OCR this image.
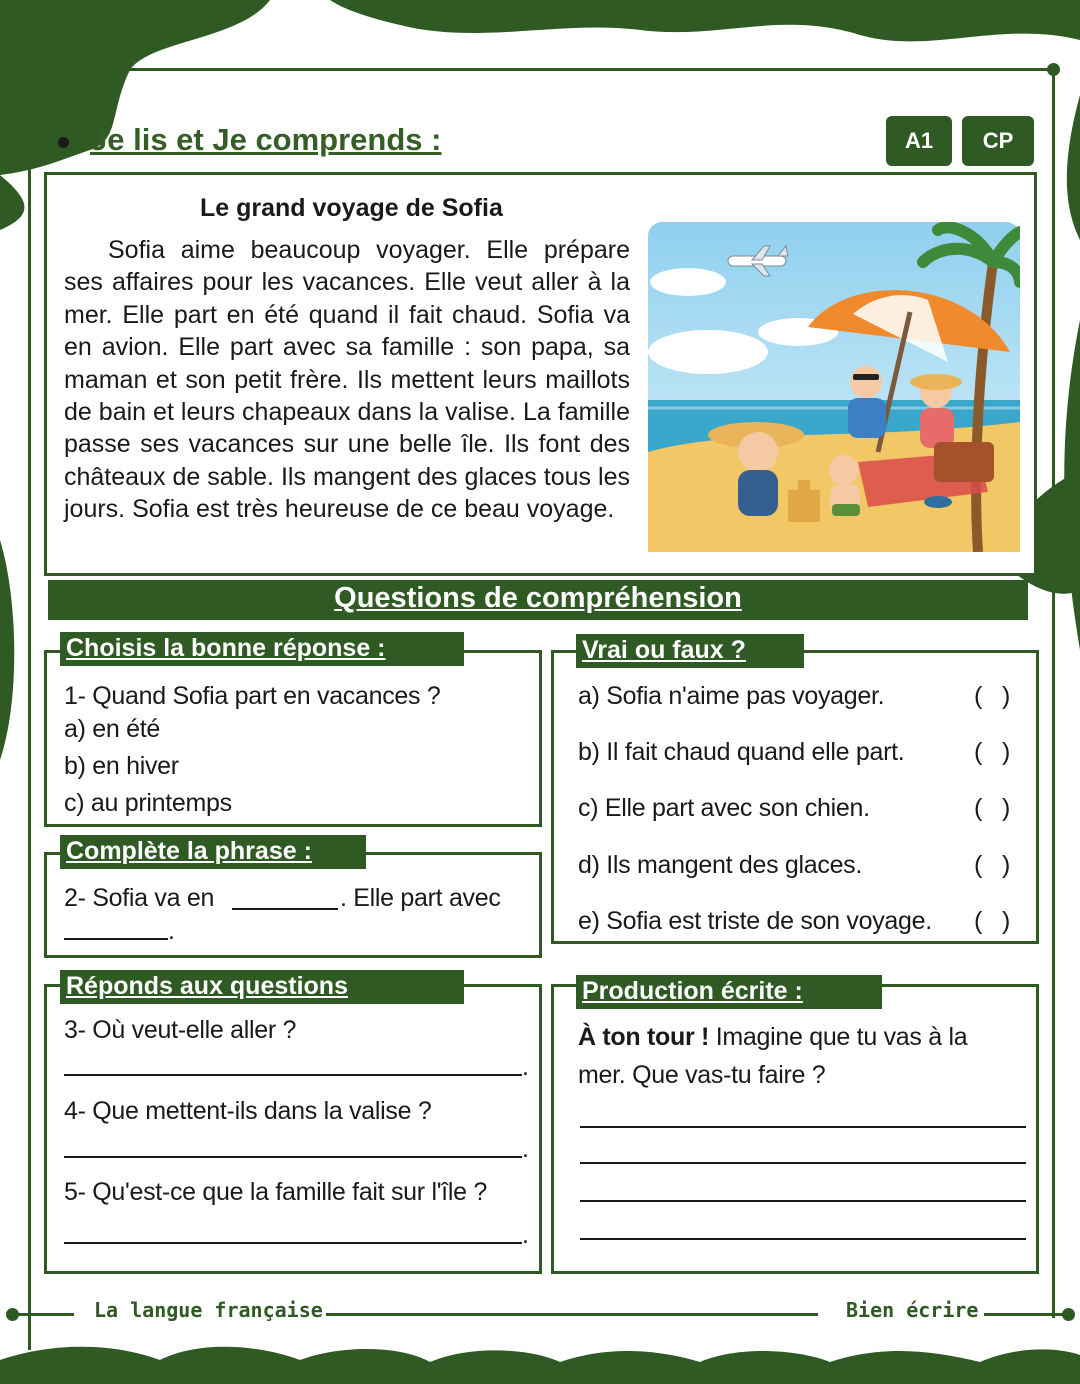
Je lis et Je comprends :	A1	CP
Le grand voyage de Sofia

Sofia aime beaucoup voyager. Elle prépare ses affaires pour les vacances. Elle veut aller à la mer. Elle part en été quand il fait chaud. Sofia va en avion. Elle part avec sa famille : son papa, sa maman et son petit frère. Ils mettent leurs maillots de bain et leurs chapeaux dans la valise. La famille passe ses vacances sur une belle île. Ils font des châteaux de sable. Ils mangent des glaces tous les jours. Sofia est très heureuse de ce beau voyage.

Questions de compréhension
Choisis la bonne réponse :
1- Quand Sofia part en vacances ?
a) en été
b) en hiver
c) au printemps
Vrai ou faux ?
a) Sofia n'aime pas voyager.	(   )
b) Il fait chaud quand elle part.	(   )
c) Elle part avec son chien.	(   )
d) Ils mangent des glaces.	(   )
e) Sofia est triste de son voyage. (   )
Complète la phrase :
2- Sofia va en	. Elle part avec
.
Réponds aux questions
3- Où veut-elle aller ?
.
4- Que mettent-ils dans la valise ?
.
5- Qu'est-ce que la famille fait sur l'île ?
.
Production écrite :
À ton tour ! Imagine que tu vas à la
mer. Que vas-tu faire ?
La langue française	Bien écrire
